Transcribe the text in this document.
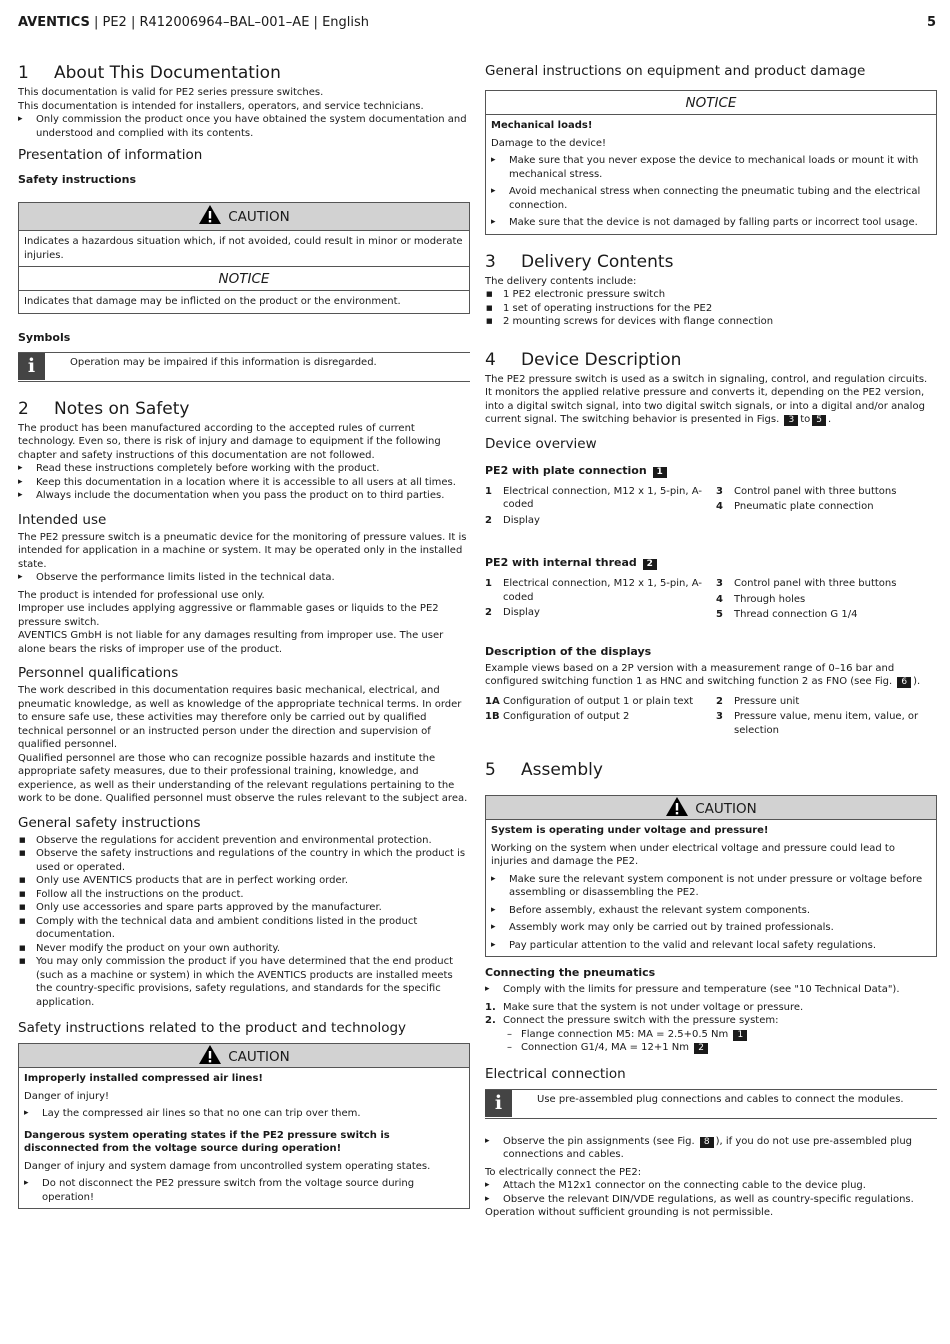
AVENTICS | PE2 | R412006964–BAL–001–AE | English	5
1 About This Documentation

This documentation is valid for PE2 series pressure switches.

This documentation is intended for installers, operators, and service technicians.

▸ Only commission the product once you have obtained the system documentation and understood and complied with its contents.
Presentation of information
Safety instructions
CAUTION

Indicates a hazardous situation which, if not avoided, could result in minor or moderate injuries.

NOTICE

Indicates that damage may be inflicted on the product or the environment.

Symbols
i	Operation may be impaired if this information is disregarded.

2 Notes on Safety

The product has been manufactured according to the accepted rules of current technology. Even so, there is risk of injury and damage to equipment if the following chapter and safety instructions of this documentation are not followed.

▸ Read these instructions completely before working with the product.
▸ Keep this documentation in a location where it is accessible to all users at all times.
▸ Always include the documentation when you pass the product on to third parties.
Intended use

The PE2 pressure switch is a pneumatic device for the monitoring of pressure values. It is intended for application in a machine or system. It may be operated only in the installed state.

▸ Observe the performance limits listed in the technical data.

The product is intended for professional use only.

Improper use includes applying aggressive or flammable gases or liquids to the PE2 pressure switch.

AVENTICS GmbH is not liable for any damages resulting from improper use. The user alone bears the risks of improper use of the product.

Personnel qualifications

The work described in this documentation requires basic mechanical, electrical, and pneumatic knowledge, as well as knowledge of the appropriate technical terms. In order to ensure safe use, these activities may therefore only be carried out by qualified technical personnel or an instructed person under the direction and supervision of qualified personnel.

Qualified personnel are those who can recognize possible hazards and institute the appropriate safety measures, due to their professional training, knowledge, and experience, as well as their understanding of the relevant regulations pertaining to the work to be done. Qualified personnel must observe the rules relevant to the subject area.

General safety instructions
■ Observe the regulations for accident prevention and environmental protection.
■ Observe the safety instructions and regulations of the country in which the product is used or operated.
■ Only use AVENTICS products that are in perfect working order.
■ Follow all the instructions on the product.
■ Only use accessories and spare parts approved by the manufacturer.
■ Comply with the technical data and ambient conditions listed in the product documentation.
■ Never modify the product on your own authority.
■ You may only commission the product if you have determined that the end product (such as a machine or system) in which the AVENTICS products are installed meets the country-specific provisions, safety regulations, and standards for the specific application.
Safety instructions related to the product and technology
CAUTION

Improperly installed compressed air lines!

Danger of injury!

▸ Lay the compressed air lines so that no one can trip over them.

Dangerous system operating states if the PE2 pressure switch is disconnected from the voltage source during operation!

Danger of injury and system damage from uncontrolled system operating states.

▸ Do not disconnect the PE2 pressure switch from the voltage source during operation!
General instructions on equipment and product damage
NOTICE

Mechanical loads!

Damage to the device!

▸ Make sure that you never expose the device to mechanical loads or mount it with mechanical stress.
▸ Avoid mechanical stress when connecting the pneumatic tubing and the electrical connection.
▸ Make sure that the device is not damaged by falling parts or incorrect tool usage.
3 Delivery Contents

The delivery contents include:

■ 1 PE2 electronic pressure switch
■ 1 set of operating instructions for the PE2
■ 2 mounting screws for devices with flange connection
4 Device Description

The PE2 pressure switch is used as a switch in signaling, control, and regulation circuits. It monitors the applied relative pressure and converts it, depending on the PE2 version, into a digital switch signal, into two digital switch signals, or into a digital and/or analog current signal. The switching behavior is presented in Figs. 3 to 5 .

Device overview
PE2 with plate connection 1
1 Electrical connection, M12 x 1, 5-pin, A-coded
2 Display
3 Control panel with three buttons
4 Pneumatic plate connection
PE2 with internal thread 2
1 Electrical connection, M12 x 1, 5-pin, A-coded
2 Display
3 Control panel with three buttons
4 Through holes
5 Thread connection G 1/4
Description of the displays

Example views based on a 2P version with a measurement range of 0–16 bar and configured switching function 1 as HNC and switching function 2 as FNO (see Fig. 6 ).

1A Configuration of output 1 or plain text
1B Configuration of output 2
2 Pressure unit
3 Pressure value, menu item, value, or selection
5 Assembly
CAUTION

System is operating under voltage and pressure!

Working on the system when under electrical voltage and pressure could lead to injuries and damage the PE2.

▸ Make sure the relevant system component is not under pressure or voltage before assembling or disassembling the PE2.
▸ Before assembly, exhaust the relevant system components.
▸ Assembly work may only be carried out by trained professionals.
▸ Pay particular attention to the valid and relevant local safety regulations.
Connecting the pneumatics
▸ Comply with the limits for pressure and temperature (see "10 Technical Data").
1. Make sure that the system is not under voltage or pressure.
2. Connect the pressure switch with the pressure system:
– Flange connection M5: MA = 2.5+0.5 Nm 1
– Connection G1/4, MA = 12+1 Nm 2
Electrical connection
i	Use pre-assembled plug connections and cables to connect the modules.

▸ Observe the pin assignments (see Fig. 8 ), if you do not use pre-assembled plug connections and cables.

To electrically connect the PE2:

▸ Attach the M12x1 connector on the connecting cable to the device plug.
▸ Observe the relevant DIN/VDE regulations, as well as country-specific regulations.

Operation without sufficient grounding is not permissible.
